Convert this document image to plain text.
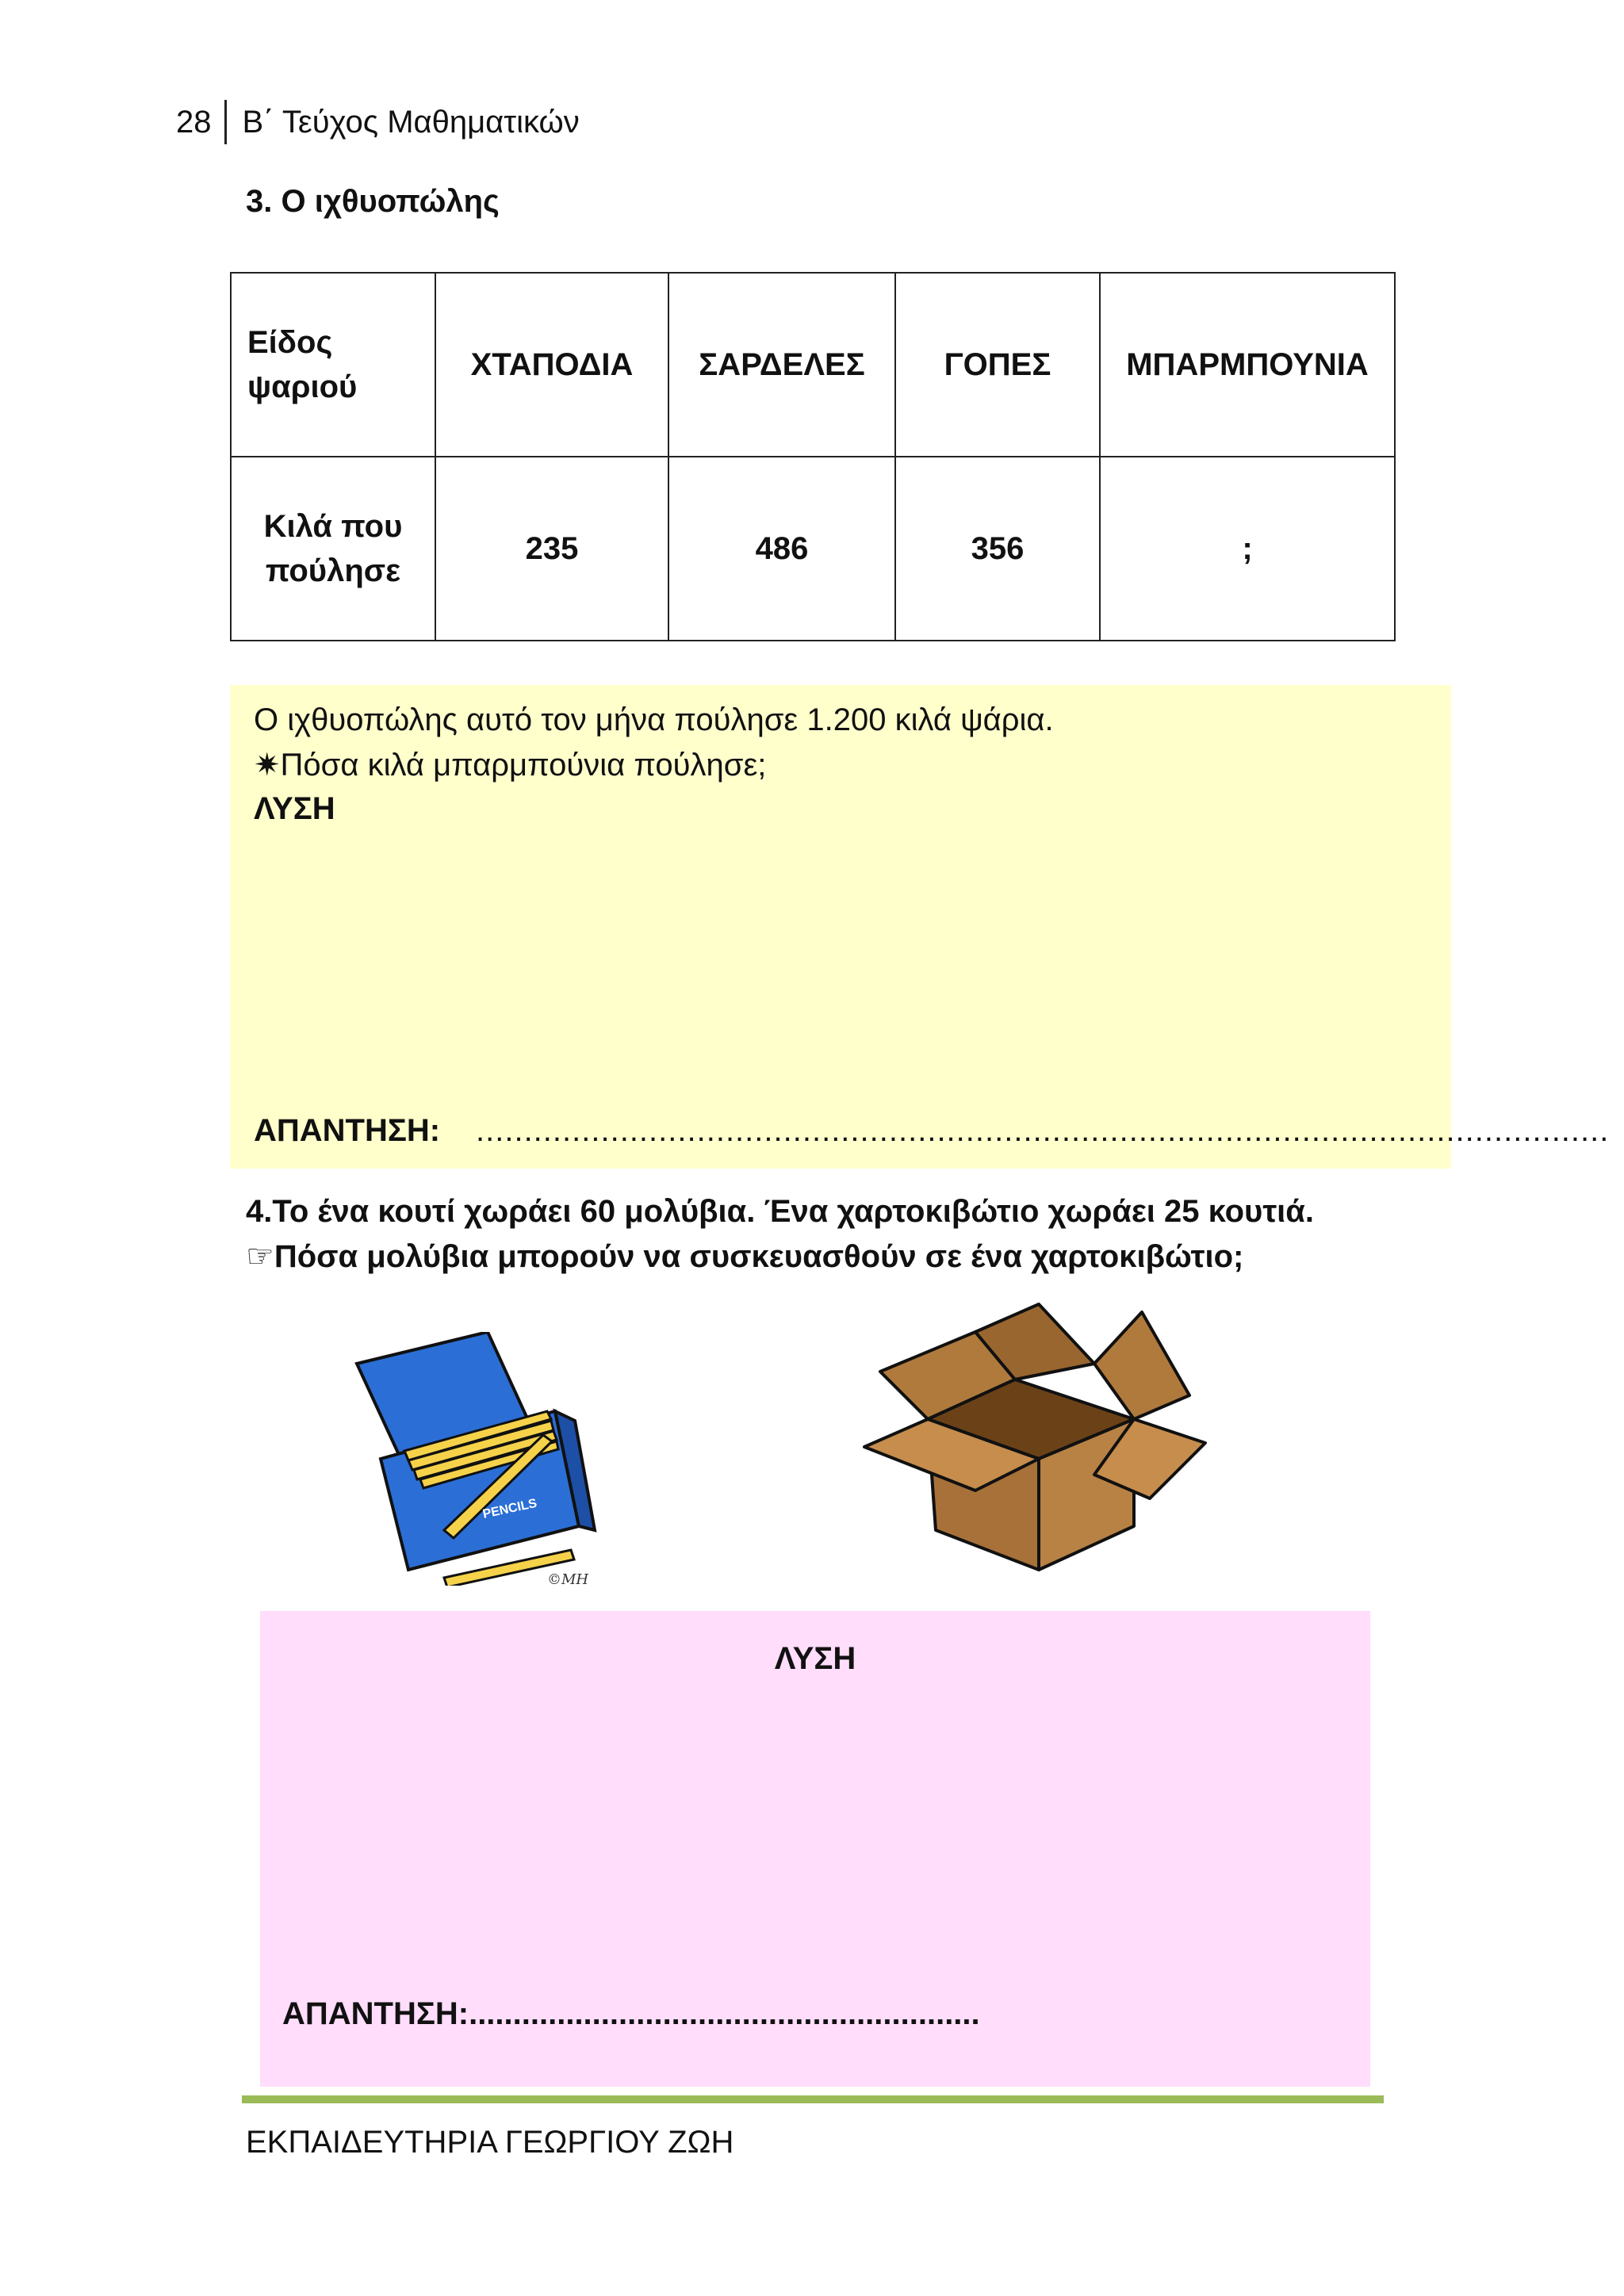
28 Β΄ Τεύχος Μαθηματικών
3. Ο ιχθυοπώλης
Είδος
ψαριού	ΧΤΑΠΟΔΙΑ	ΣΑΡΔΕΛΕΣ	ΓΟΠΕΣ	ΜΠΑΡΜΠΟΥΝΙΑ

Κιλά που
πούλησε	235	486	356	;
Ο ιχθυοπώλης αυτό τον μήνα πούλησε 1.200 κιλά ψάρια.
✷Πόσα κιλά μπαρμπούνια πούλησε;
ΛΥΣΗ
ΑΠΑΝΤΗΣΗ: ......................................................................................................................
4.Το ένα κουτί χωράει 60 μολύβια. Ένα χαρτοκιβώτιο χωράει 25 κουτιά.
☞Πόσα μολύβια μπορούν να συσκευασθούν σε ένα χαρτοκιβώτιο;
PENCILS
©MH
ΛΥΣΗ
ΑΠΑΝΤΗΣΗ:..........................................................
ΕΚΠΑΙΔΕΥΤΗΡΙΑ ΓΕΩΡΓΙΟΥ ΖΩΗ
